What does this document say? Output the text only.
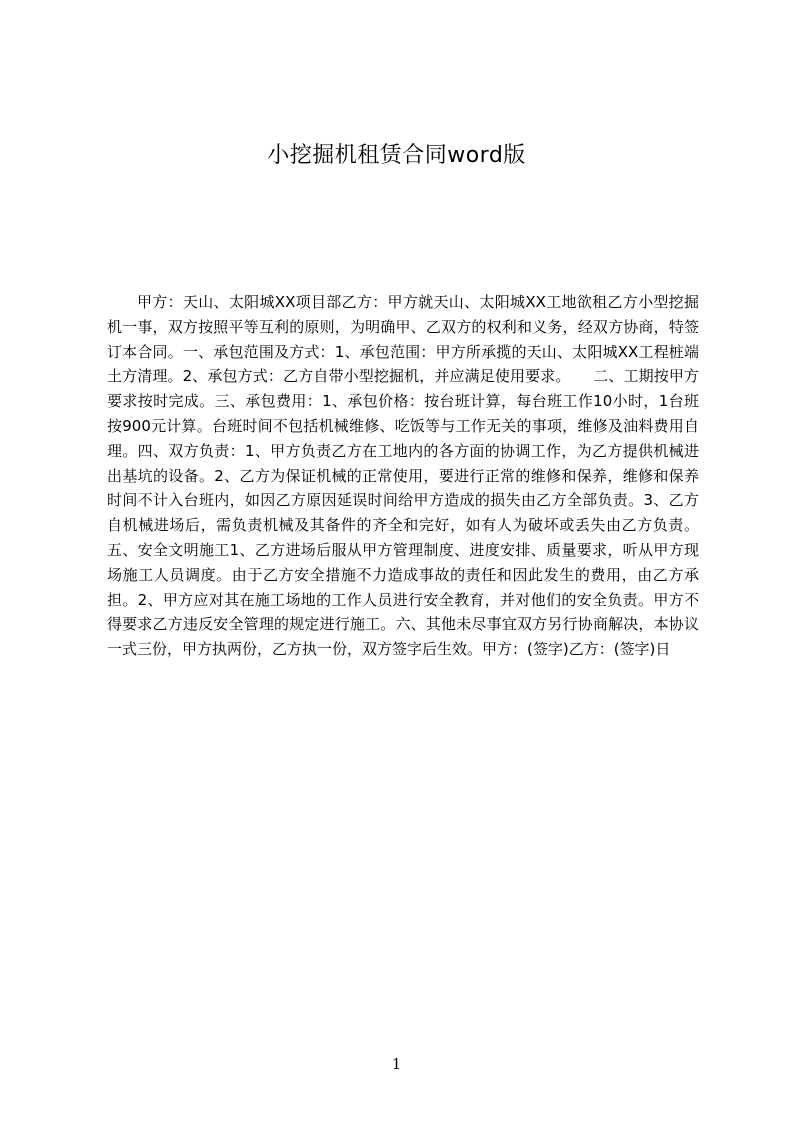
小挖掘机租赁合同word版
甲方：天山、太阳城XX项目部乙方：甲方就天山、太阳城XX工地欲租乙方小型挖掘机一事，双方按照平等互利的原则，为明确甲、乙双方的权利和义务，经双方协商，特签订本合同。一、承包范围及方式：1、承包范围：甲方所承揽的天山、太阳城XX工程桩端土方清理。2、承包方式：乙方自带小型挖掘机，并应满足使用要求。　　二、工期按甲方要求按时完成。三、承包费用：1、承包价格：按台班计算，每台班工作10小时，1台班按900元计算。台班时间不包括机械维修、吃饭等与工作无关的事项，维修及油料费用自理。四、双方负责：1、甲方负责乙方在工地内的各方面的协调工作，为乙方提供机械进出基坑的设备。2、乙方为保证机械的正常使用，要进行正常的维修和保养，维修和保养时间不计入台班内，如因乙方原因延误时间给甲方造成的损失由乙方全部负责。3、乙方自机械进场后，需负责机械及其备件的齐全和完好，如有人为破坏或丢失由乙方负责。五、安全文明施工1、乙方进场后服从甲方管理制度、进度安排、质量要求，听从甲方现场施工人员调度。由于乙方安全措施不力造成事故的责任和因此发生的费用，由乙方承担。2、甲方应对其在施工场地的工作人员进行安全教育，并对他们的安全负责。甲方不得要求乙方违反安全管理的规定进行施工。六、其他未尽事宜双方另行协商解决，本协议一式三份，甲方执两份，乙方执一份，双方签字后生效。甲方：(签字)乙方：(签字)日
1
